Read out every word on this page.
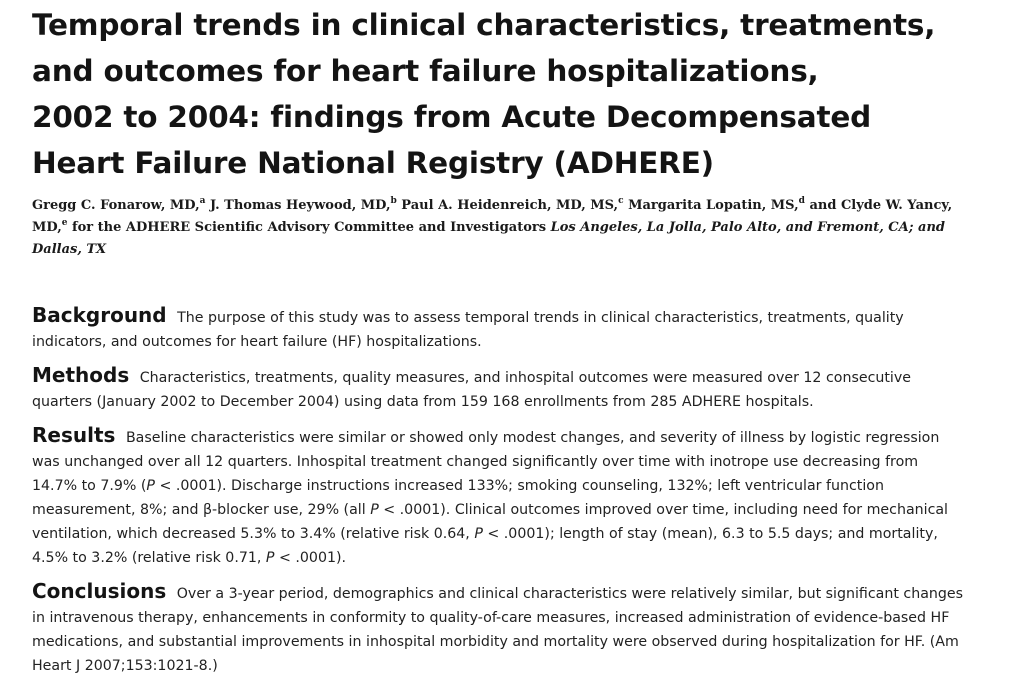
Temporal trends in clinical characteristics, treatments,
and outcomes for heart failure hospitalizations,
2002 to 2004: findings from Acute Decompensated
Heart Failure National Registry (ADHERE)
Gregg C. Fonarow, MD,$^a$ J. Thomas Heywood, MD,$^b$ Paul A. Heidenreich, MD, MS,$^c$ Margarita Lopatin, MS,$^d$ and Clyde W. Yancy, MD,$^e$ for the ADHERE Scientific Advisory Committee and Investigators Los Angeles, La Jolla, Palo Alto, and Fremont, CA; and Dallas, TX

Background The purpose of this study was to assess temporal trends in clinical characteristics, treatments, quality indicators, and outcomes for heart failure (HF) hospitalizations.

Methods Characteristics, treatments, quality measures, and inhospital outcomes were measured over 12 consecutive quarters (January 2002 to December 2004) using data from 159 168 enrollments from 285 ADHERE hospitals.

Results Baseline characteristics were similar or showed only modest changes, and severity of illness by logistic regression was unchanged over all 12 quarters. Inhospital treatment changed significantly over time with inotrope use decreasing from 14.7% to 7.9% (P < .0001). Discharge instructions increased 133%; smoking counseling, 132%; left ventricular function measurement, 8%; and β-blocker use, 29% (all P < .0001). Clinical outcomes improved over time, including need for mechanical ventilation, which decreased 5.3% to 3.4% (relative risk 0.64, P < .0001); length of stay (mean), 6.3 to 5.5 days; and mortality, 4.5% to 3.2% (relative risk 0.71, P < .0001).

Conclusions Over a 3-year period, demographics and clinical characteristics were relatively similar, but significant changes in intravenous therapy, enhancements in conformity to quality-of-care measures, increased administration of evidence-based HF medications, and substantial improvements in inhospital morbidity and mortality were observed during hospitalization for HF. (Am Heart J 2007;153:1021-8.)
